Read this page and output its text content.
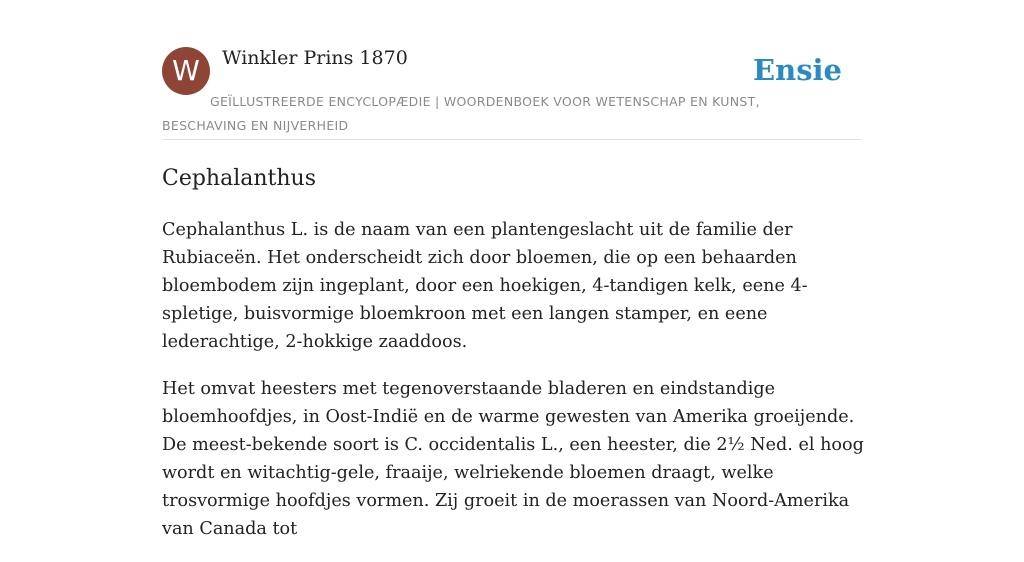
W	Winkler Prins 1870	Ensie
GEÏLLUSTREERDE ENCYCLOPÆDIE | WOORDENBOEK VOOR WETENSCHAP EN KUNST, BESCHAVING EN NIJVERHEID
Cephalanthus

Cephalanthus L. is de naam van een plantengeslacht uit de familie der Rubiaceën. Het onderscheidt zich door bloemen, die op een behaarden bloembodem zijn ingeplant, door een hoekigen, 4-tandigen kelk, eene 4-spletige, buisvormige bloemkroon met een langen stamper, en eene lederachtige, 2-hokkige zaaddoos.

Het omvat heesters met tegenoverstaande bladeren en eindstandige bloemhoofdjes, in Oost-Indië en de warme gewesten van Amerika groeijende. De meest-bekende soort is C. occidentalis L., een heester, die 2½ Ned. el hoog wordt en witachtig-gele, fraaije, welriekende bloemen draagt, welke trosvormige hoofdjes vormen. Zij groeit in de moerassen van Noord-Amerika van Canada tot
